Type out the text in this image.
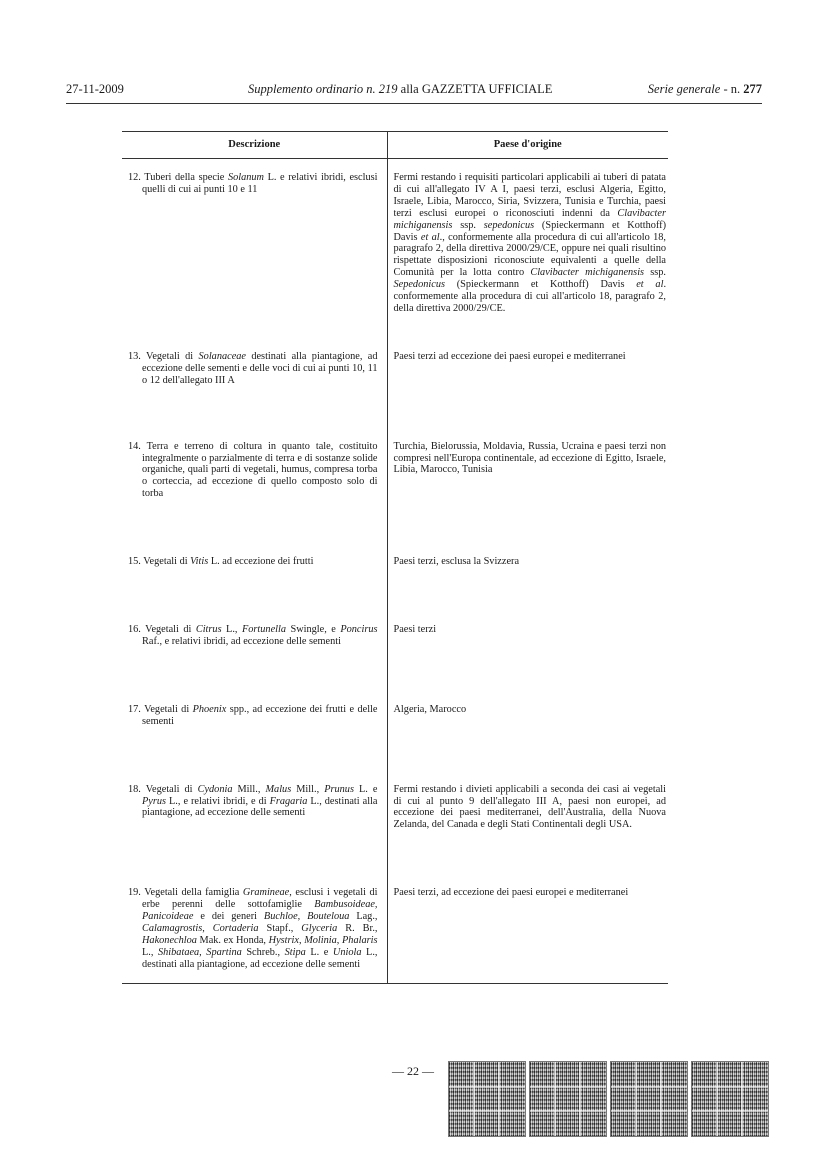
27-11-2009	Supplemento ordinario n. 219 alla GAZZETTA UFFICIALE	Serie generale - n. 277
Descrizione	Paese d'origine

12. Tuberi della specie Solanum L. e relativi ibridi, esclusi quelli di cui ai punti 10 e 11	Fermi restando i requisiti particolari applicabili ai tuberi di patata di cui all'allegato IV A I, paesi terzi, esclusi Algeria, Egitto, Israele, Libia, Marocco, Siria, Svizzera, Tunisia e Turchia, paesi terzi esclusi europei o riconosciuti indenni da Clavibacter michiganensis ssp. sepedonicus (Spieckermann et Kotthoff) Davis et al., conformemente alla procedura di cui all'articolo 18, paragrafo 2, della direttiva 2000/29/CE, oppure nei quali risultino rispettate disposizioni riconosciute equivalenti a quelle della Comunità per la lotta contro Clavibacter michiganensis ssp. Sepedonicus (Spieckermann et Kotthoff) Davis et al. conformemente alla procedura di cui all'articolo 18, paragrafo 2, della direttiva 2000/29/CE.

13. Vegetali di Solanaceae destinati alla piantagione, ad eccezione delle sementi e delle voci di cui ai punti 10, 11 o 12 dell'allegato III A	Paesi terzi ad eccezione dei paesi europei e mediterranei

14. Terra e terreno di coltura in quanto tale, costituito integralmente o parzialmente di terra e di sostanze solide organiche, quali parti di vegetali, humus, compresa torba o corteccia, ad eccezione di quello composto solo di torba	Turchia, Bielorussia, Moldavia, Russia, Ucraina e paesi terzi non compresi nell'Europa continentale, ad eccezione di Egitto, Israele, Libia, Marocco, Tunisia

15. Vegetali di Vitis L. ad eccezione dei frutti	Paesi terzi, esclusa la Svizzera

16. Vegetali di Citrus L., Fortunella Swingle, e Poncirus Raf., e relativi ibridi, ad eccezione delle sementi	Paesi terzi

17. Vegetali di Phoenix spp., ad eccezione dei frutti e delle sementi	Algeria, Marocco

18. Vegetali di Cydonia Mill., Malus Mill., Prunus L. e Pyrus L., e relativi ibridi, e di Fragaria L., destinati alla piantagione, ad eccezione delle sementi	Fermi restando i divieti applicabili a seconda dei casi ai vegetali di cui al punto 9 dell'allegato III A, paesi non europei, ad eccezione dei paesi mediterranei, dell'Australia, della Nuova Zelanda, del Canada e degli Stati Continentali degli USA.

19. Vegetali della famiglia Gramineae, esclusi i vegetali di erbe perenni delle sottofamiglie Bambusoideae, Panicoideae e dei generi Buchloe, Bouteloua Lag., Calamagrostis, Cortaderia Stapf., Glyceria R. Br., Hakonechloa Mak. ex Honda, Hystrix, Molinia, Phalaris L., Shibataea, Spartina Schreb., Stipa L. e Uniola L., destinati alla piantagione, ad eccezione delle sementi	Paesi terzi, ad eccezione dei paesi europei e mediterranei
— 22 —
